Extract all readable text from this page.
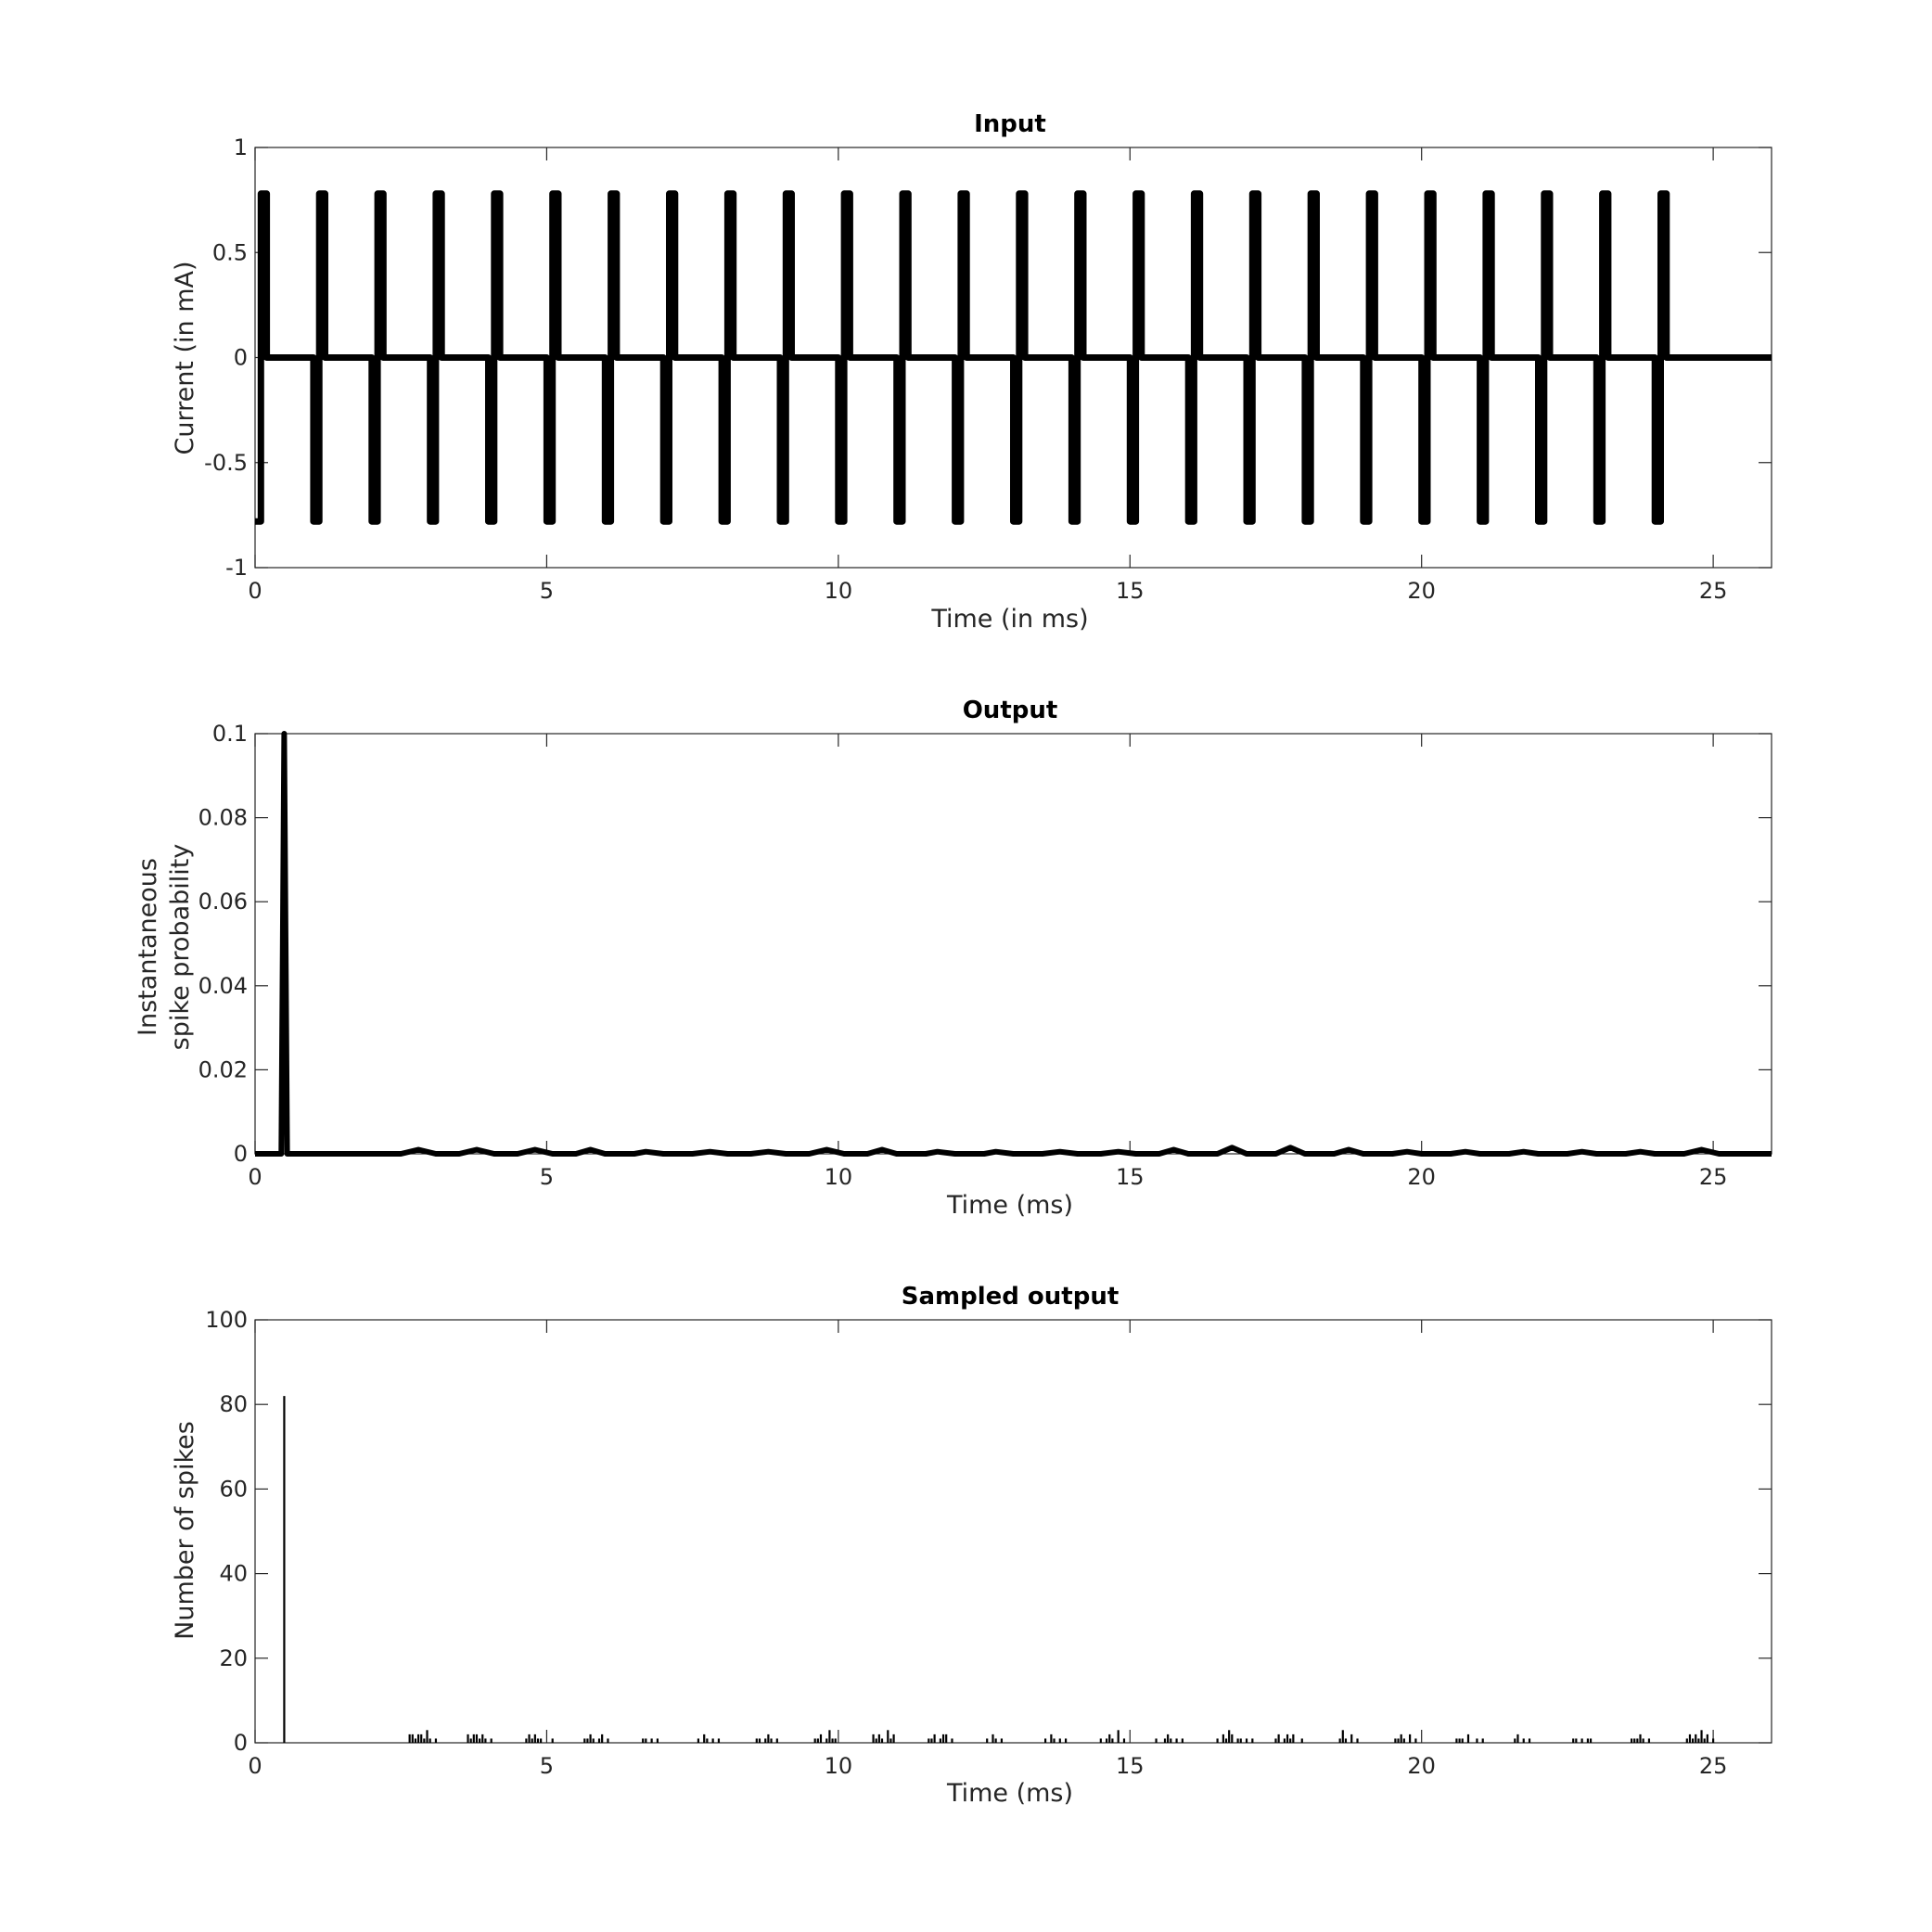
Input
0	5	10	15	20	25
-1
-0.5
0
0.5
1
Time (in ms)
Current (in mA)
Output
0	5	10	15	20	25
0
0.02
0.04
0.06
0.08
0.1
Time (ms)
Instantaneous spike probability
Sampled output
0	5	10	15	20	25
0
20
40
60
80
100
Time (ms)
Number of spikes
